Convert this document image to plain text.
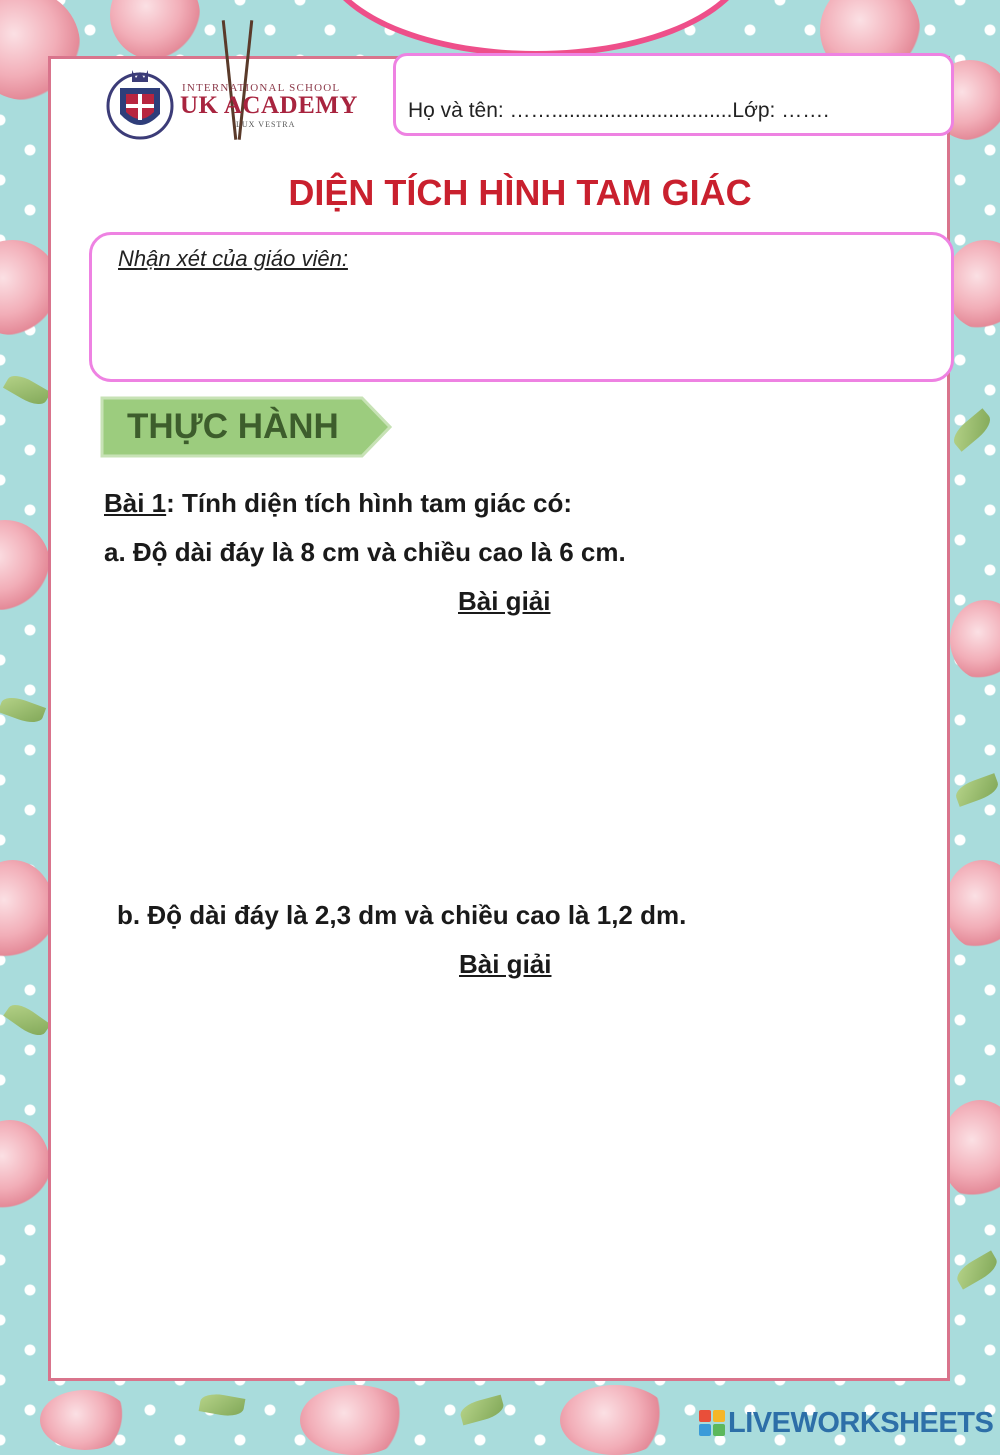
INTERNATIONAL SCHOOL
UK ACADEMY
LUX VESTRA
Họ và tên: ……...............................Lớp: …….
DIỆN TÍCH HÌNH TAM GIÁC
Nhận xét của giáo viên:
THỰC HÀNH
Bài 1: Tính diện tích hình tam giác có:
a. Độ dài đáy là 8 cm và chiều cao là 6 cm.
Bài giải
b. Độ dài đáy là 2,3 dm và chiều cao là 1,2 dm.
Bài giải
LIVEWORKSHEETS
